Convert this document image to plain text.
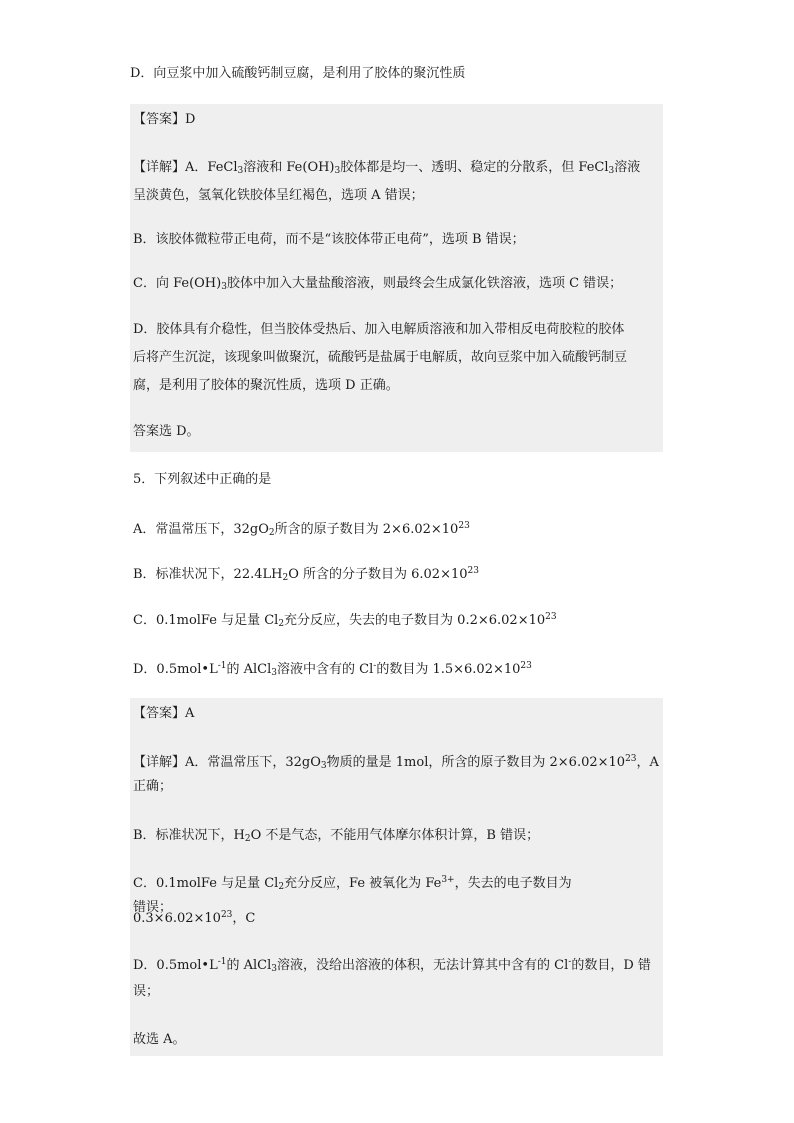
D．向豆浆中加入硫酸钙制豆腐，是利用了胶体的聚沉性质
【答案】D
【详解】A．FeCl$_3$溶液和 $Fe(OH)_3$胶体都是均一、透明、稳定的分散系，但 FeCl$_3$溶液
呈淡黄色，氢氧化铁胶体呈红褐色，选项 A 错误；
B．该胶体微粒带正电荷，而不是“该胶体带正电荷”，选项 B 错误；
C．向 $Fe(OH)_3$胶体中加入大量盐酸溶液，则最终会生成氯化铁溶液，选项 C 错误；
D．胶体具有介稳性，但当胶体受热后、加入电解质溶液和加入带相反电荷胶粒的胶体
后将产生沉淀，该现象叫做聚沉，硫酸钙是盐属于电解质，故向豆浆中加入硫酸钙制豆
腐，是利用了胶体的聚沉性质，选项 D 正确。
答案选 D。
5．下列叙述中正确的是
A．常温常压下，$32gO_2$所含的原子数目为 $2\times 6.02\times 10^{23}$
B．标准状况下，$22.4LH_2O$ 所含的分子数目为 $6.02\times 10^{23}$
C．0.1molFe 与足量 $Cl_2$充分反应，失去的电子数目为 $0.2\times 6.02\times 10^{23}$
D．$0.5mol•L^{-1}$的 AlCl$_3$溶液中含有的 Cl-的数目为 $1.5\times 6.02\times 10^{23}$
【答案】A
【详解】A．常温常压下，$32gO_3$物质的量是 1mol，所含的原子数目为 $2\times 6.02\times 10^{23}$，A
正确；
B．标准状况下，$H_2O$ 不是气态，不能用气体摩尔体积计算，B 错误；
C．0.1molFe 与足量 $Cl_2$充分反应，Fe 被氧化为 $Fe^{3+}$，失去的电子数目为 $0.3\times 6.02\times 10^{23}$，C
错误；
D．$0.5mol•L^{-1}$的 AlCl$_3$溶液，没给出溶液的体积，无法计算其中含有的 Cl-的数目，D 错
误；
故选 A。
